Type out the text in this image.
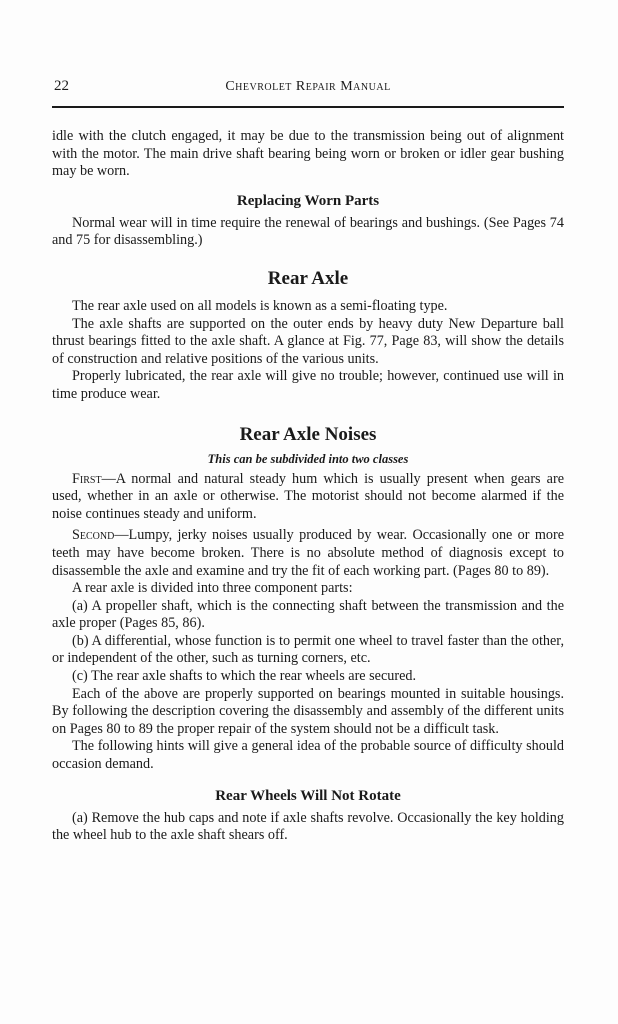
22	Chevrolet Repair Manual

idle with the clutch engaged, it may be due to the transmission being out of alignment with the motor. The main drive shaft bearing being worn or broken or idler gear bushing may be worn.

Replacing Worn Parts

Normal wear will in time require the renewal of bearings and bushings. (See Pages 74 and 75 for disassembling.)

Rear Axle

The rear axle used on all models is known as a semi-floating type.

The axle shafts are supported on the outer ends by heavy duty New Departure ball thrust bearings fitted to the axle shaft. A glance at Fig. 77, Page 83, will show the details of construction and relative positions of the various units.

Properly lubricated, the rear axle will give no trouble; however, continued use will in time produce wear.

Rear Axle Noises
This can be subdivided into two classes

First—A normal and natural steady hum which is usually present when gears are used, whether in an axle or otherwise. The motorist should not become alarmed if the noise continues steady and uniform.

Second—Lumpy, jerky noises usually produced by wear. Occasionally one or more teeth may have become broken. There is no absolute method of diagnosis except to disassemble the axle and examine and try the fit of each working part. (Pages 80 to 89).

A rear axle is divided into three component parts:

(a) A propeller shaft, which is the connecting shaft between the transmission and the axle proper (Pages 85, 86).

(b) A differential, whose function is to permit one wheel to travel faster than the other, or independent of the other, such as turning corners, etc.

(c) The rear axle shafts to which the rear wheels are secured.

Each of the above are properly supported on bearings mounted in suitable housings. By following the description covering the disassembly and assembly of the different units on Pages 80 to 89 the proper repair of the system should not be a difficult task.

The following hints will give a general idea of the probable source of difficulty should occasion demand.

Rear Wheels Will Not Rotate

(a) Remove the hub caps and note if axle shafts revolve. Occasionally the key holding the wheel hub to the axle shaft shears off.
